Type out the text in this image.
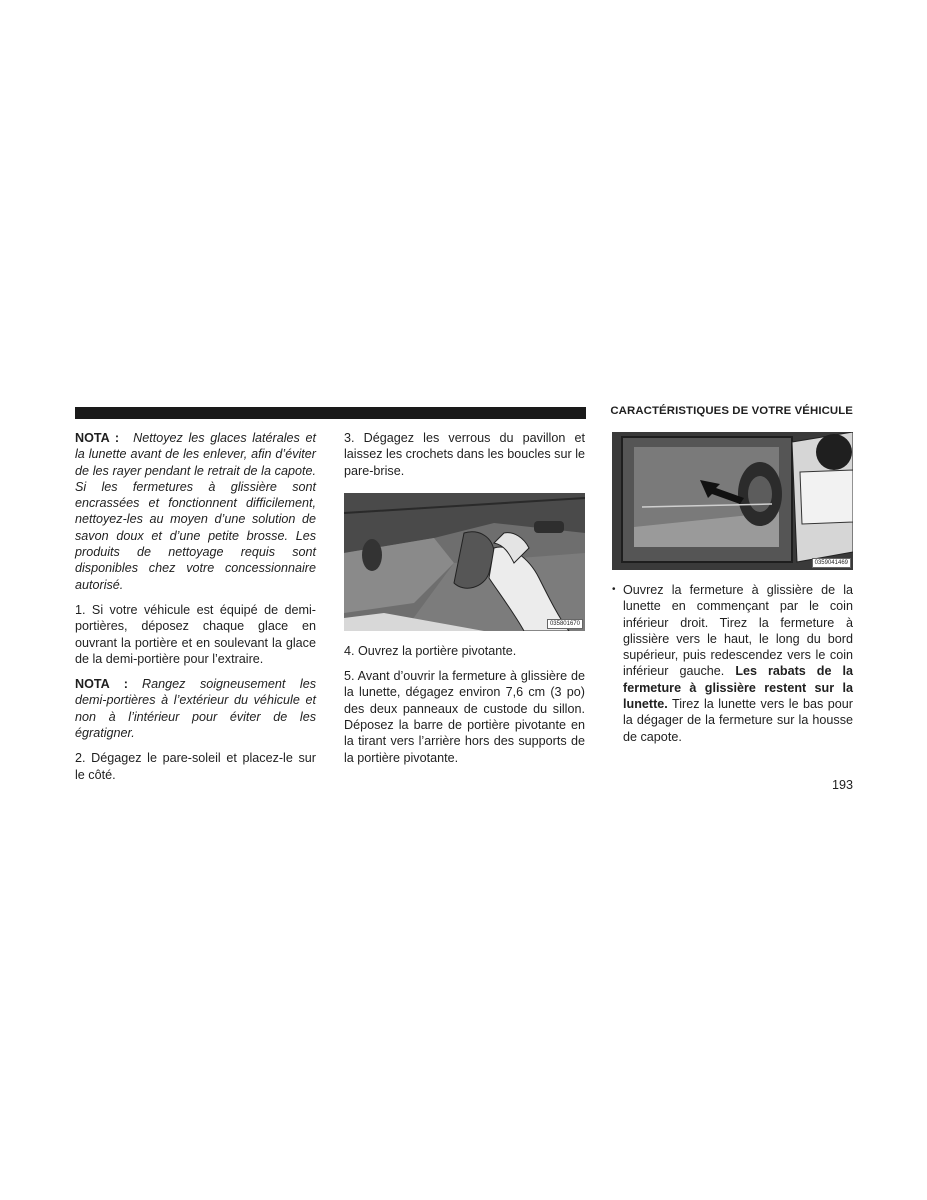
CARACTÉRISTIQUES DE VOTRE VÉHICULE

NOTA : Nettoyez les glaces latérales et la lunette avant de les enlever, afin d’éviter de les rayer pendant le retrait de la capote. Si les fermetures à glissière sont encrassées et fonctionnent difficilement, nettoyez-les au moyen d’une solution de savon doux et d’une petite brosse. Les produits de nettoyage requis sont disponibles chez votre concessionnaire autorisé.

1. Si votre véhicule est équipé de demi-portières, déposez chaque glace en ouvrant la portière et en soulevant la glace de la demi-portière pour l’extraire.

NOTA : Rangez soigneusement les demi-portières à l’extérieur du véhicule et non à l’intérieur pour éviter de les égratigner.

2. Dégagez le pare-soleil et placez-le sur le côté.

3. Dégagez les verrous du pavillon et laissez les crochets dans les boucles sur le pare-brise.

035801670

4. Ouvrez la portière pivotante.

5. Avant d’ouvrir la fermeture à glissière de la lunette, dégagez environ 7,6 cm (3 po) des deux panneaux de custode du sillon. Déposez la barre de portière pivotante en la tirant vers l’arrière hors des supports de la portière pivotante.

0359041469
• Ouvrez la fermeture à glissière de la lunette en commençant par le coin inférieur droit. Tirez la fermeture à glissière vers le haut, le long du bord supérieur, puis redescendez vers le coin inférieur gauche. Les rabats de la fermeture à glissière restent sur la lunette. Tirez la lunette vers le bas pour la dégager de la fermeture sur la housse de capote.
193
